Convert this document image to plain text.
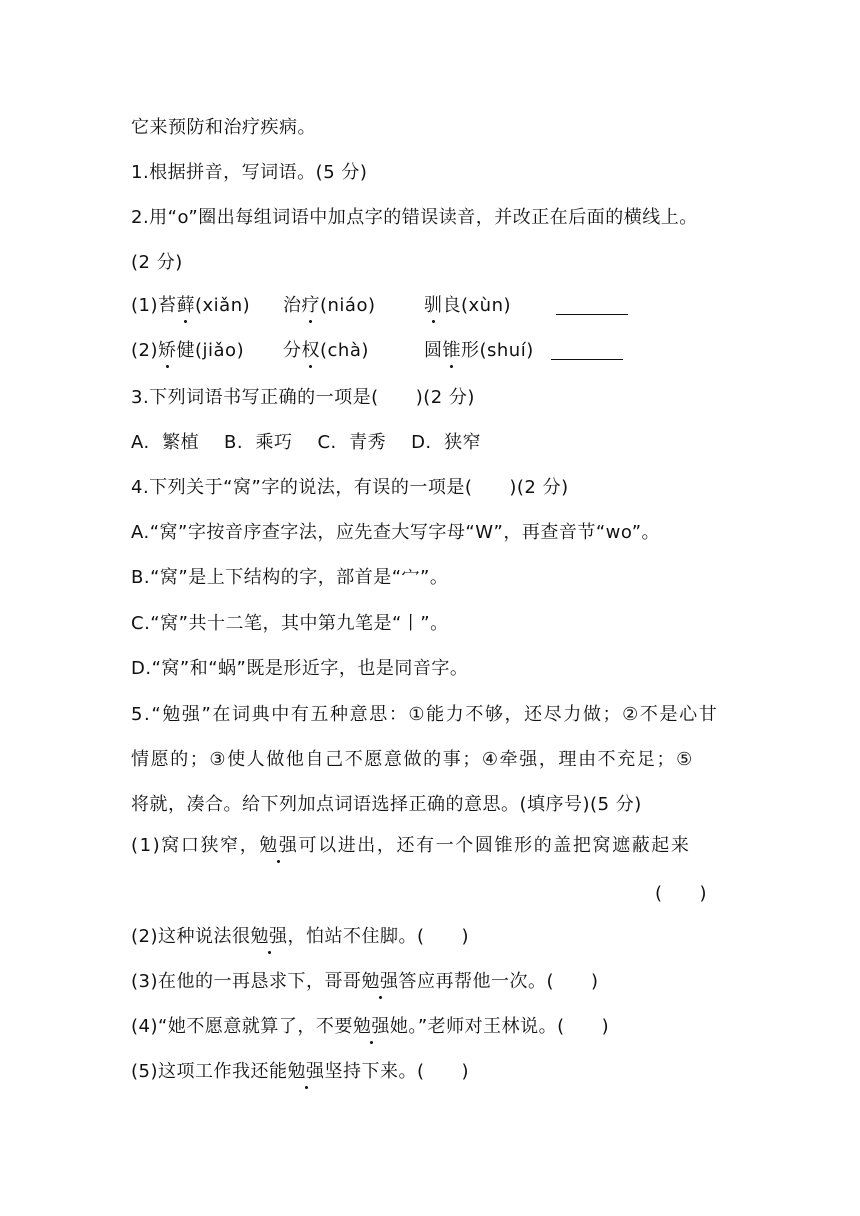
它来预防和治疗疾病。
1.根据拼音，写词语。(5 分)
2.用“o”圈出每组词语中加点字的错误读音，并改正在后面的横线上。
(2 分)
(1)苔藓(xiǎn) 治疗(niáo)	驯良(xùn)
(2)矫健(jiǎo) 分权(chà)	圆锥形(shuí)
3.下列词语书写正确的一项是(　　)(2 分)
A.  繁植    B.  乘巧    C.  青秀    D.  狭窄
4.下列关于“窝”字的说法，有误的一项是(　　)(2 分)
A.“窝”字按音序查字法，应先查大写字母“W”，再查音节“wo”。
B.“窝”是上下结构的字，部首是“宀”。
C.“窝”共十二笔，其中第九笔是“丨”。
D.“窝”和“蜗”既是形近字，也是同音字。
5.“勉强”在词典中有五种意思：①能力不够，还尽力做；②不是心甘
情愿的；③使人做他自己不愿意做的事；④牵强，理由不充足；⑤
将就，凑合。给下列加点词语选择正确的意思。(填序号)(5 分)
(1)窝口狭窄，勉强可以进出，还有一个圆锥形的盖把窝遮蔽起来
(　　)
(2)这种说法很勉强，怕站不住脚。(　　)
(3)在他的一再恳求下，哥哥勉强答应再帮他一次。(　　)
(4)“她不愿意就算了，不要勉强她。”老师对王林说。(　　)
(5)这项工作我还能勉强坚持下来。(　　)
